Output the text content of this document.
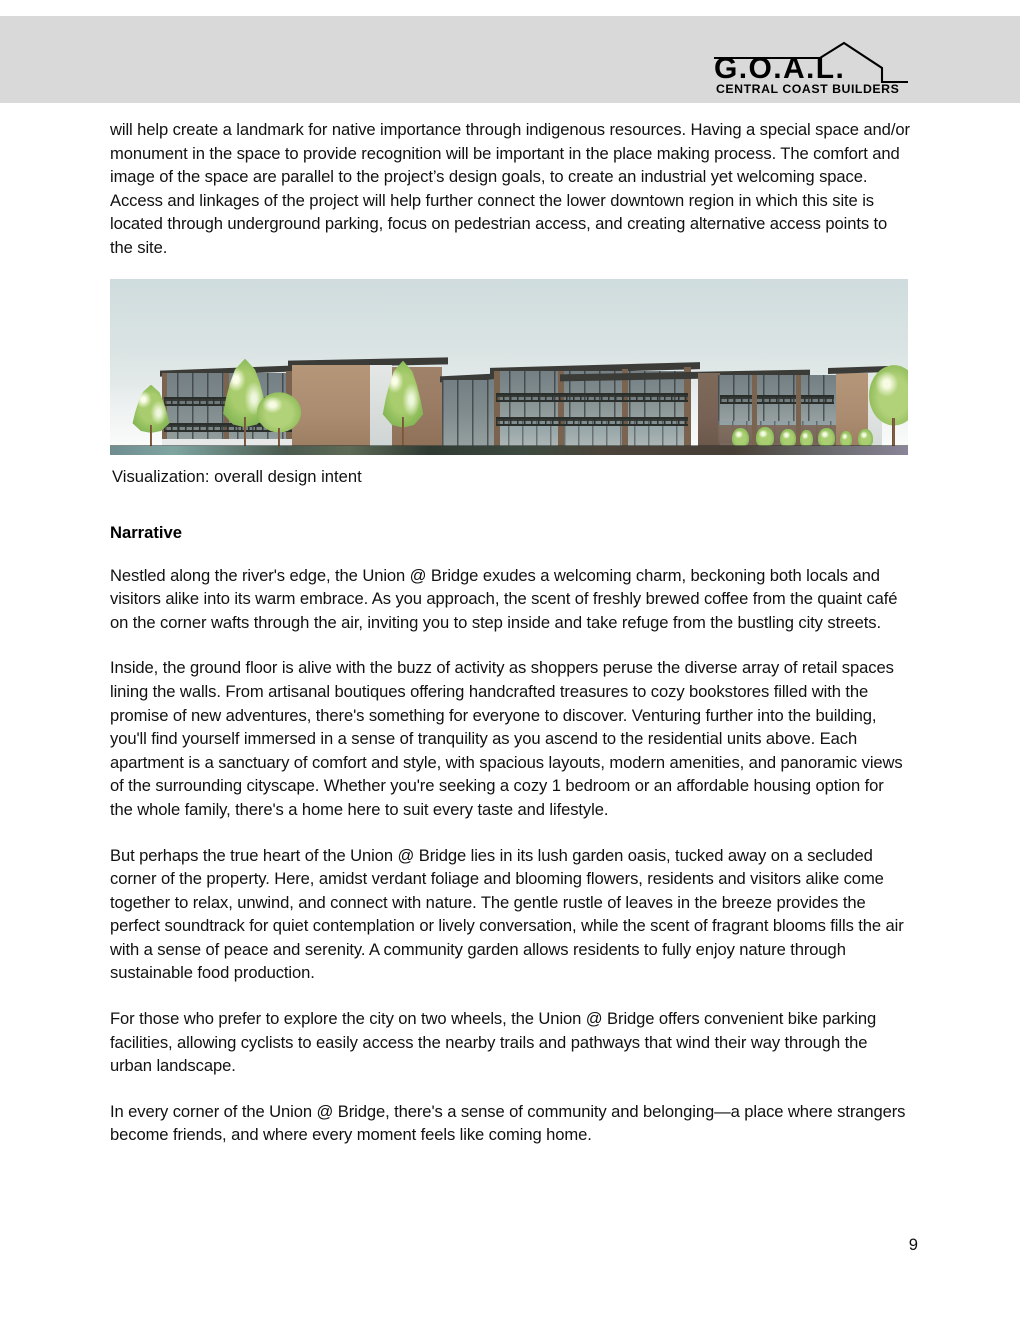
G.O.A.L.
CENTRAL COAST BUILDERS

will help create a landmark for native importance through indigenous resources. Having a special space and/or monument in the space to provide recognition will be important in the place making process. The comfort and image of the space are parallel to the project’s design goals, to create an industrial yet welcoming space. Access and linkages of the project will help further connect the lower downtown region in which this site is located through underground parking, focus on pedestrian access, and creating alternative access points to the site.

Visualization: overall design intent
Narrative

Nestled along the river's edge, the Union @ Bridge exudes a welcoming charm, beckoning both locals and visitors alike into its warm embrace. As you approach, the scent of freshly brewed coffee from the quaint café on the corner wafts through the air, inviting you to step inside and take refuge from the bustling city streets.

Inside, the ground floor is alive with the buzz of activity as shoppers peruse the diverse array of retail spaces lining the walls. From artisanal boutiques offering handcrafted treasures to cozy bookstores filled with the promise of new adventures, there's something for everyone to discover. Venturing further into the building, you'll find yourself immersed in a sense of tranquility as you ascend to the residential units above. Each apartment is a sanctuary of comfort and style, with spacious layouts, modern amenities, and panoramic views of the surrounding cityscape. Whether you're seeking a cozy 1 bedroom or an affordable housing option for the whole family, there's a home here to suit every taste and lifestyle.

But perhaps the true heart of the Union @ Bridge lies in its lush garden oasis, tucked away on a secluded corner of the property. Here, amidst verdant foliage and blooming flowers, residents and visitors alike come together to relax, unwind, and connect with nature. The gentle rustle of leaves in the breeze provides the perfect soundtrack for quiet contemplation or lively conversation, while the scent of fragrant blooms fills the air with a sense of peace and serenity. A community garden allows residents to fully enjoy nature through sustainable food production.

For those who prefer to explore the city on two wheels, the Union @ Bridge offers convenient bike parking facilities, allowing cyclists to easily access the nearby trails and pathways that wind their way through the urban landscape.

In every corner of the Union @ Bridge, there's a sense of community and belonging—a place where strangers become friends, and where every moment feels like coming home.

9
